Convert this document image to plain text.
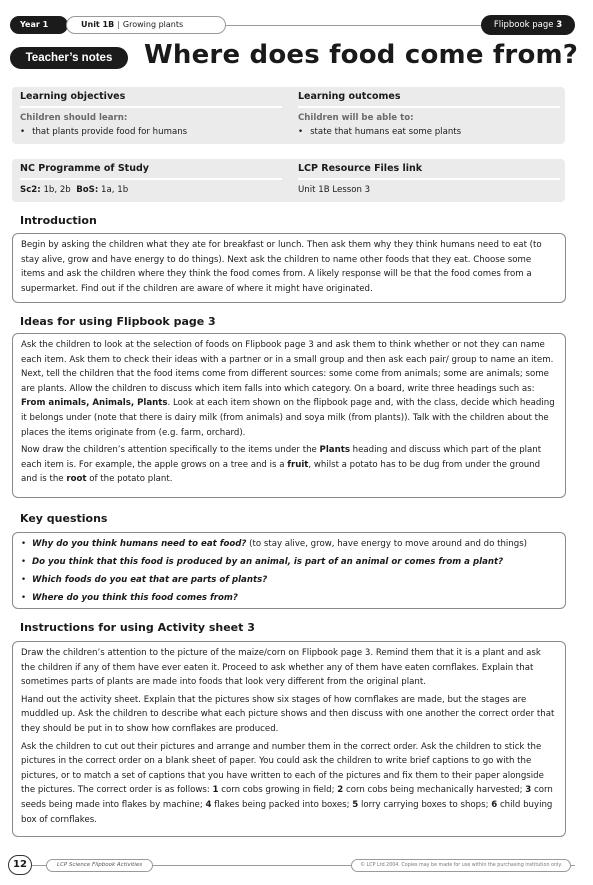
Year 1	Unit 1B | Growing plants	Flipbook page 3
Teacher’s notes	Where does food come from?
Learning objectives
Children should learn:
• that plants provide food for humans
Learning outcomes
Children will be able to:
• state that humans eat some plants
NC Programme of Study
Sc2: 1b, 2b BoS: 1a, 1b
LCP Resource Files link
Unit 1B Lesson 3
Introduction

Begin by asking the children what they ate for breakfast or lunch. Then ask them why they think humans need to eat (to stay alive, grow and have energy to do things). Next ask the children to name other foods that they eat. Choose some items and ask the children where they think the food comes from. A likely response will be that the food comes from a supermarket. Find out if the children are aware of where it might have originated.

Ideas for using Flipbook page 3

Ask the children to look at the selection of foods on Flipbook page 3 and ask them to think whether or not they can name each item. Ask them to check their ideas with a partner or in a small group and then ask each pair/ group to name an item. Next, tell the children that the food items come from different sources: some come from animals; some are animals; some are plants. Allow the children to discuss which item falls into which category. On a board, write three headings such as: From animals, Animals, Plants. Look at each item shown on the flipbook page and, with the class, decide which heading it belongs under (note that there is dairy milk (from animals) and soya milk (from plants)). Talk with the children about the places the items originate from (e.g. farm, orchard).

Now draw the children’s attention specifically to the items under the Plants heading and discuss which part of the plant each item is. For example, the apple grows on a tree and is a fruit, whilst a potato has to be dug from under the ground and is the root of the potato plant.

Key questions
• Why do you think humans need to eat food? (to stay alive, grow, have energy to move around and do things)
• Do you think that this food is produced by an animal, is part of an animal or comes from a plant?
• Which foods do you eat that are parts of plants?
• Where do you think this food comes from?
Instructions for using Activity sheet 3

Draw the children’s attention to the picture of the maize/corn on Flipbook page 3. Remind them that it is a plant and ask the children if any of them have ever eaten it. Proceed to ask whether any of them have eaten cornflakes. Explain that sometimes parts of plants are made into foods that look very different from the original plant.

Hand out the activity sheet. Explain that the pictures show six stages of how cornflakes are made, but the stages are muddled up. Ask the children to describe what each picture shows and then discuss with one another the correct order that they should be put in to show how cornflakes are produced.

Ask the children to cut out their pictures and arrange and number them in the correct order. Ask the children to stick the pictures in the correct order on a blank sheet of paper. You could ask the children to write brief captions to go with the pictures, or to match a set of captions that you have written to each of the pictures and fix them to their paper alongside the pictures. The correct order is as follows: 1 corn cobs growing in field; 2 corn cobs being mechanically harvested; 3 corn seeds being made into flakes by machine; 4 flakes being packed into boxes; 5 lorry carrying boxes to shops; 6 child buying box of cornflakes.

12	LCP Science Flipbook Activities	© LCP Ltd 2004. Copies may be made for use within the purchasing institution only.
